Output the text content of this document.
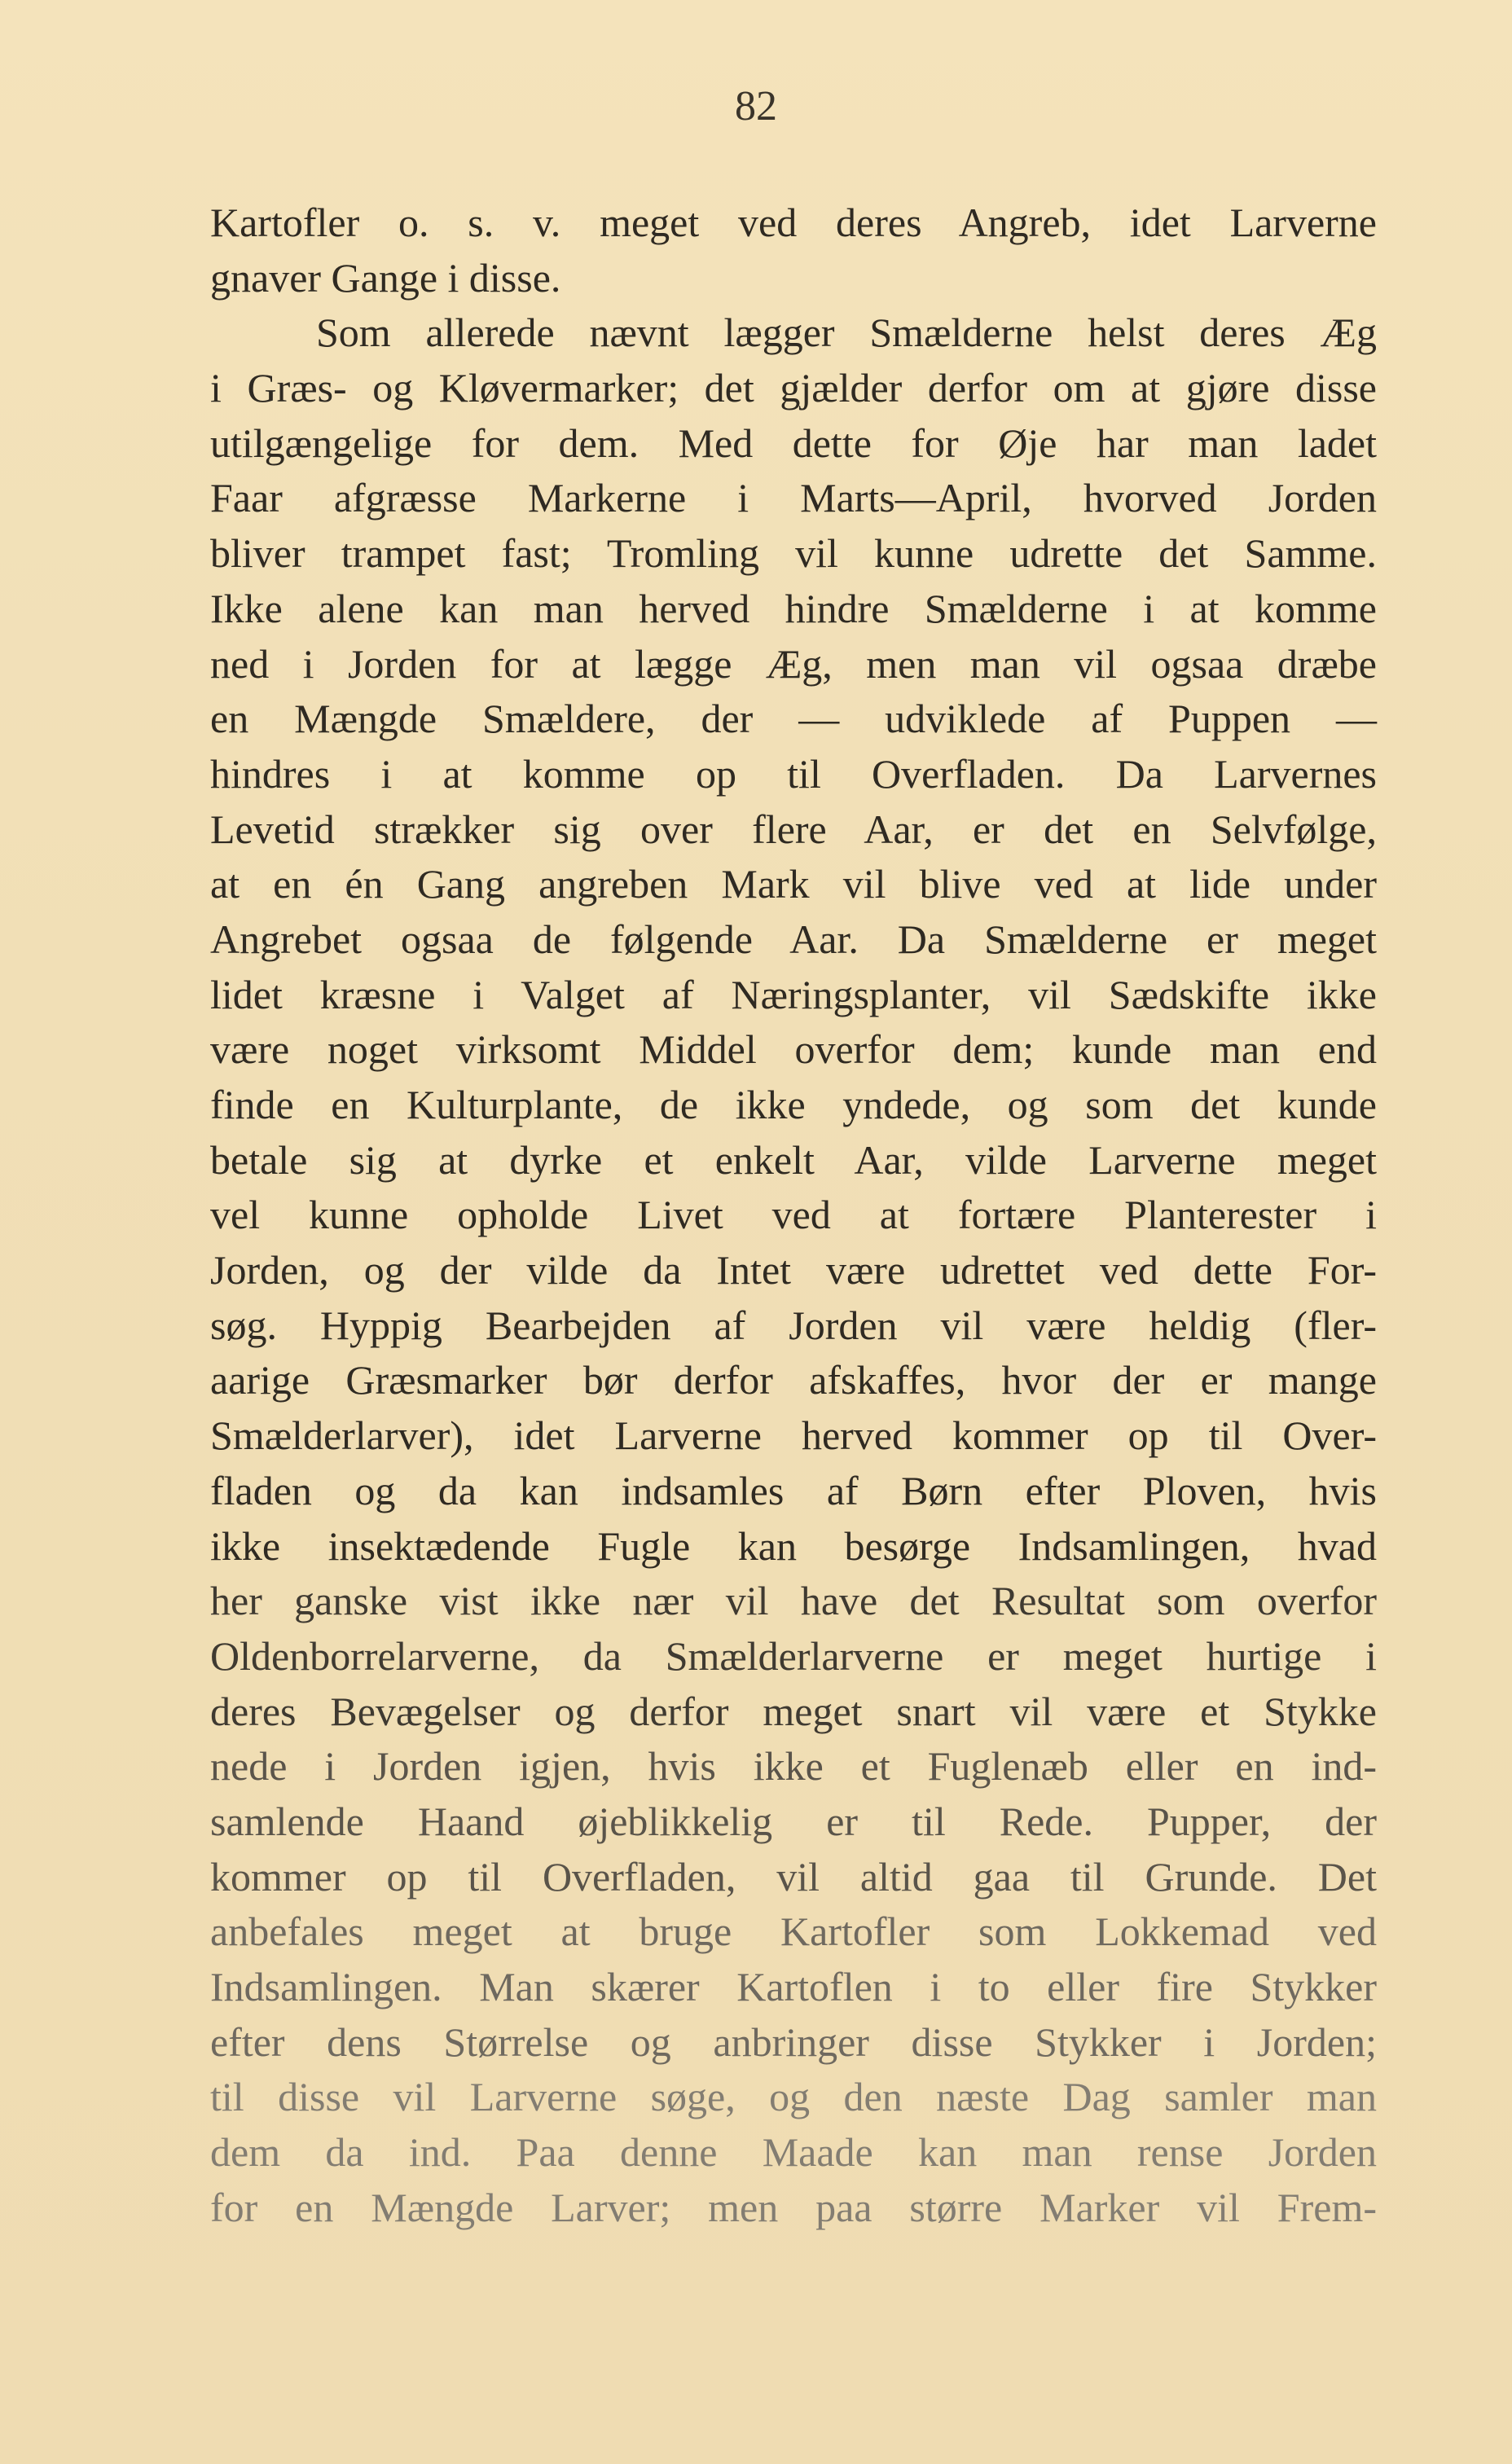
82
Kartofler o. s. v. meget ved deres Angreb, idet Larverne
gnaver Gange i disse.
Som allerede nævnt lægger Smælderne helst deres Æg
i Græs- og Kløvermarker; det gjælder derfor om at gjøre disse
utilgængelige for dem. Med dette for Øje har man ladet
Faar afgræsse Markerne i Marts—April, hvorved Jorden
bliver trampet fast; Tromling vil kunne udrette det Samme.
Ikke alene kan man herved hindre Smælderne i at komme
ned i Jorden for at lægge Æg, men man vil ogsaa dræbe
en Mængde Smældere, der — udviklede af Puppen —
hindres i at komme op til Overfladen. Da Larvernes
Levetid strækker sig over flere Aar, er det en Selvfølge,
at en én Gang angreben Mark vil blive ved at lide under
Angrebet ogsaa de følgende Aar. Da Smælderne er meget
lidet kræsne i Valget af Næringsplanter, vil Sædskifte ikke
være noget virksomt Middel overfor dem; kunde man end
finde en Kulturplante, de ikke yndede, og som det kunde
betale sig at dyrke et enkelt Aar, vilde Larverne meget
vel kunne opholde Livet ved at fortære Planterester i
Jorden, og der vilde da Intet være udrettet ved dette For-
søg. Hyppig Bearbejden af Jorden vil være heldig (fler-
aarige Græsmarker bør derfor afskaffes, hvor der er mange
Smælderlarver), idet Larverne herved kommer op til Over-
fladen og da kan indsamles af Børn efter Ploven, hvis
ikke insektædende Fugle kan besørge Indsamlingen, hvad
her ganske vist ikke nær vil have det Resultat som overfor
Oldenborrelarverne, da Smælderlarverne er meget hurtige i
deres Bevægelser og derfor meget snart vil være et Stykke
nede i Jorden igjen, hvis ikke et Fuglenæb eller en ind-
samlende Haand øjeblikkelig er til Rede. Pupper, der
kommer op til Overfladen, vil altid gaa til Grunde. Det
anbefales meget at bruge Kartofler som Lokkemad ved
Indsamlingen. Man skærer Kartoflen i to eller fire Stykker
efter dens Størrelse og anbringer disse Stykker i Jorden;
til disse vil Larverne søge, og den næste Dag samler man
dem da ind. Paa denne Maade kan man rense Jorden
for en Mængde Larver; men paa større Marker vil Frem-
